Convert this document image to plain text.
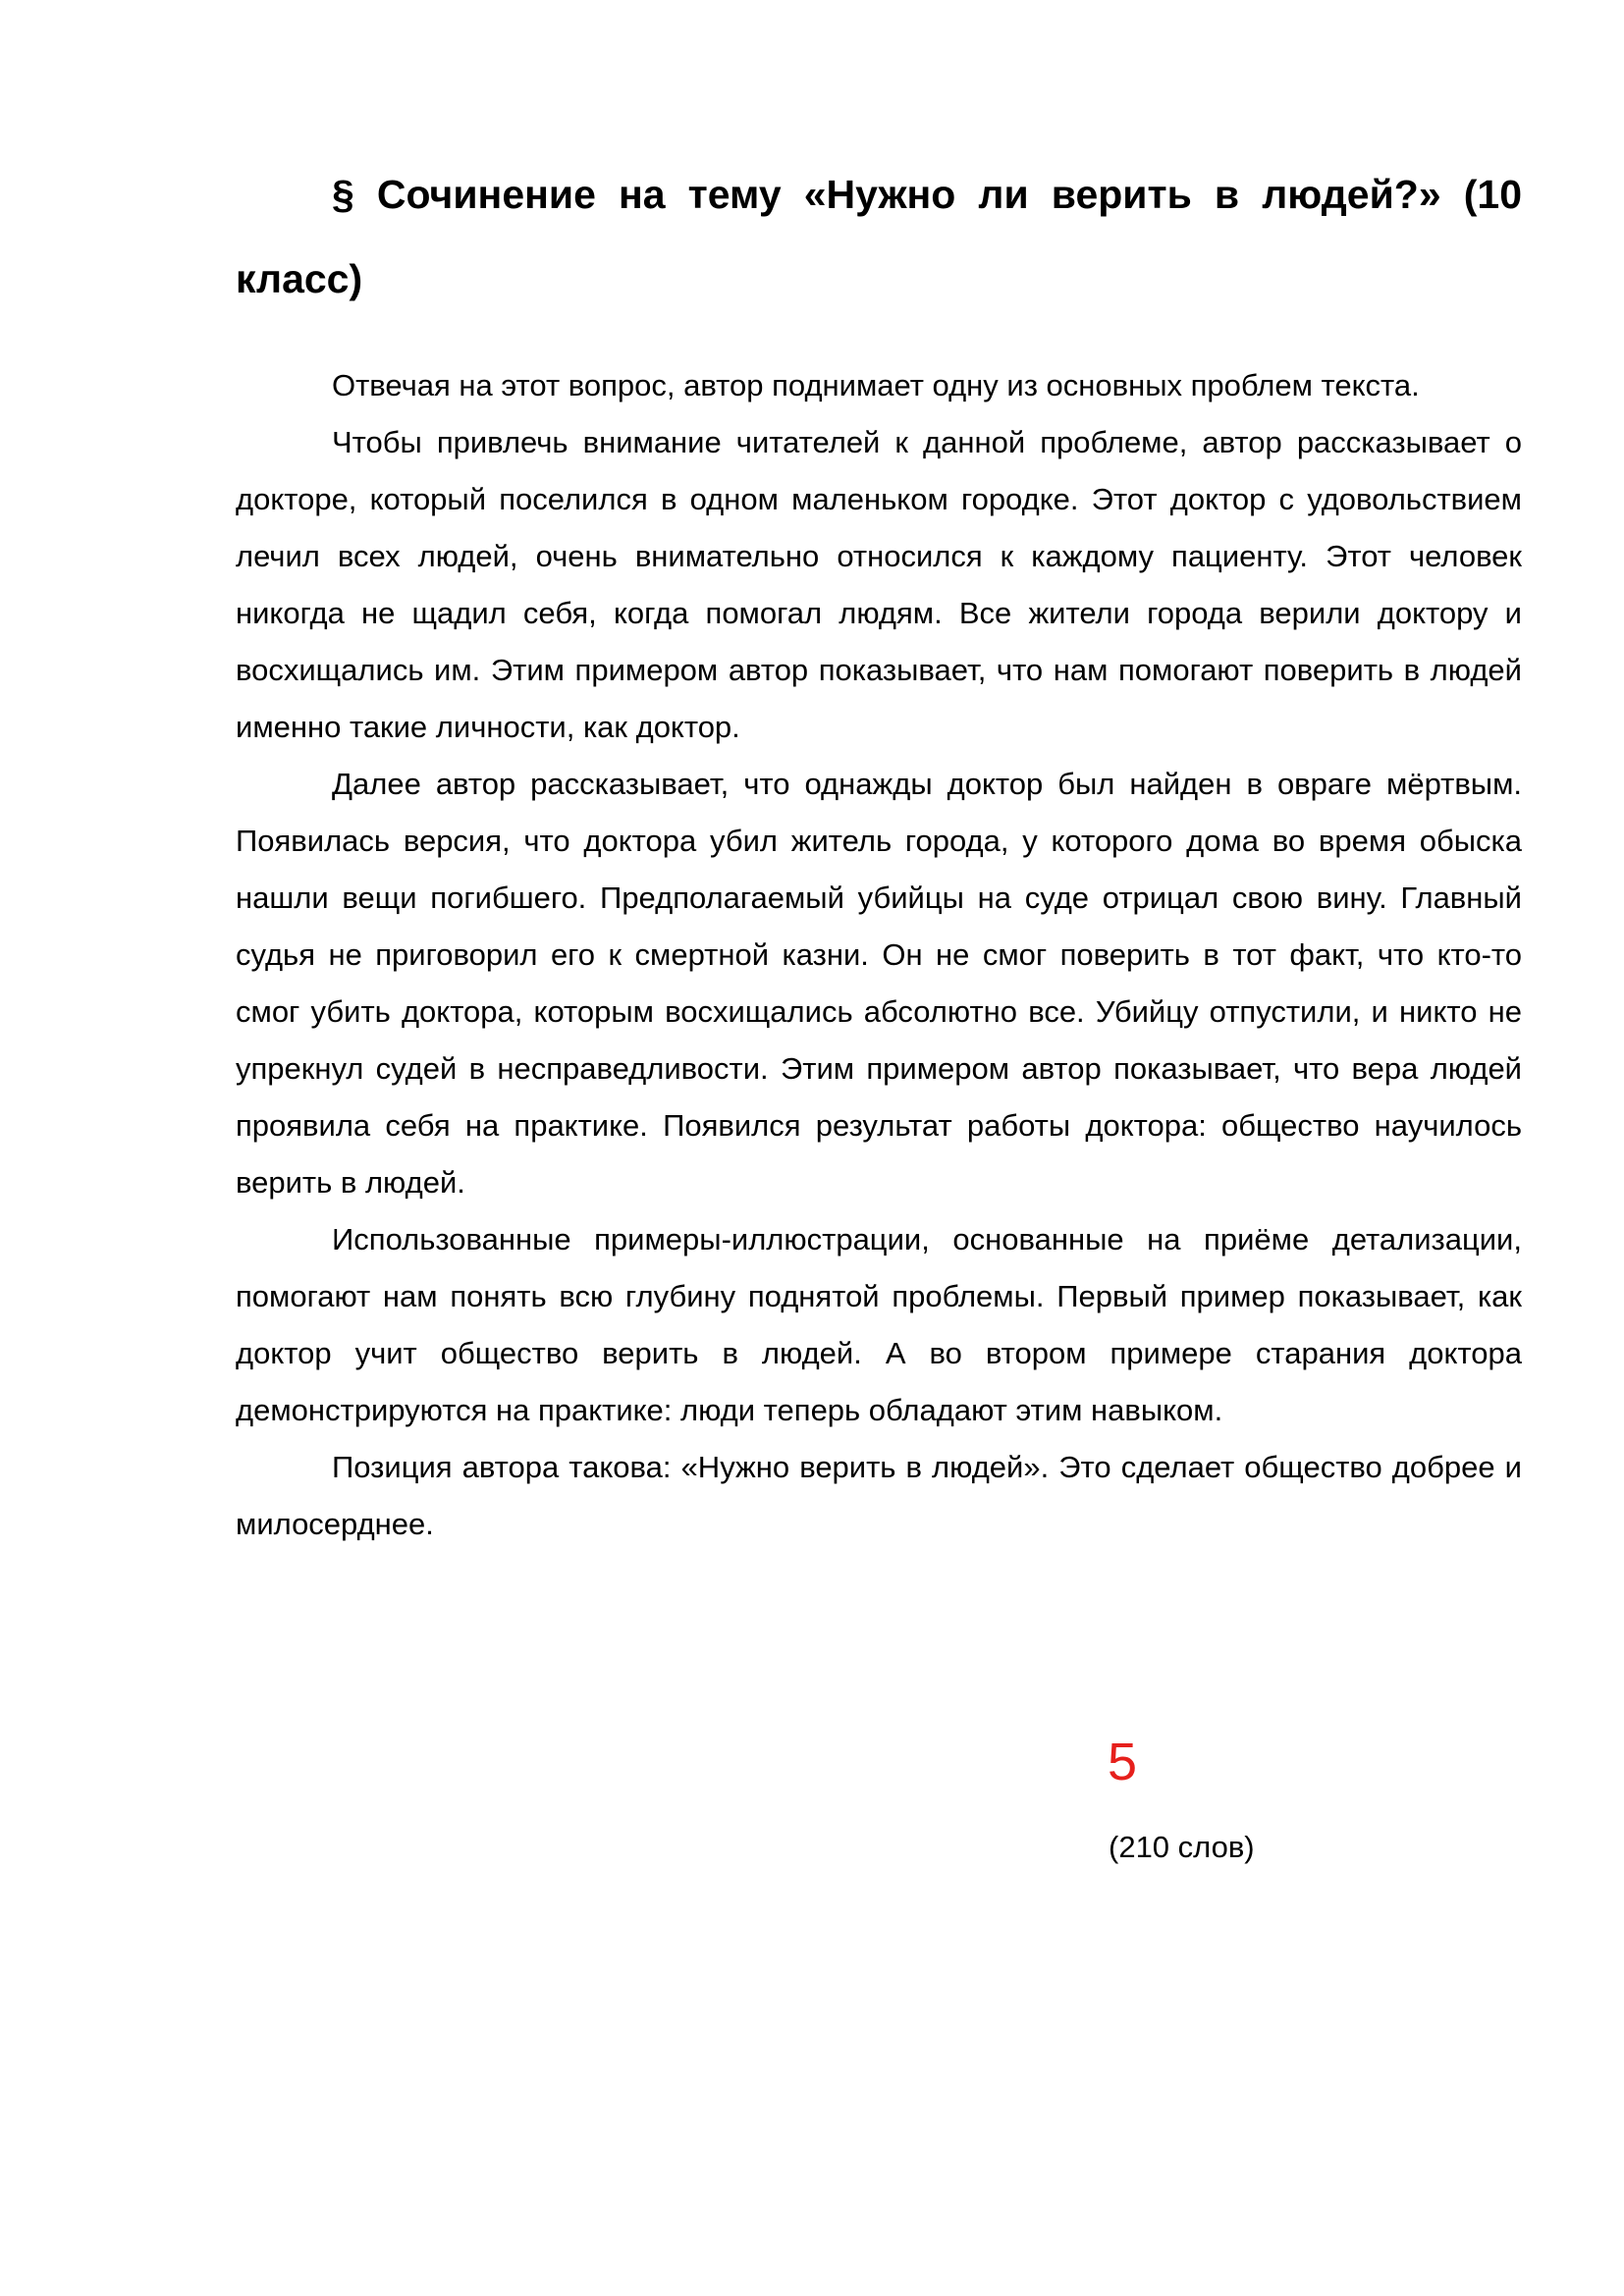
§ Сочинение на тему «Нужно ли верить в людей?» (10 класс)

Отвечая на этот вопрос, автор поднимает одну из основных проблем текста.

Чтобы привлечь внимание читателей к данной проблеме, автор рассказывает о докторе, который поселился в одном маленьком городке. Этот доктор с удовольствием лечил всех людей, очень внимательно относился к каждому пациенту. Этот человек никогда не щадил себя, когда помогал людям. Все жители города верили доктору и восхищались им. Этим примером автор показывает, что нам помогают поверить в людей именно такие личности, как доктор.

Далее автор рассказывает, что однажды доктор был найден в овраге мёртвым. Появилась версия, что доктора убил житель города, у которого дома во время обыска нашли вещи погибшего. Предполагаемый убийцы на суде отрицал свою вину. Главный судья не приговорил его к смертной казни. Он не смог поверить в тот факт, что кто-то смог убить доктора, которым восхищались абсолютно все. Убийцу отпустили, и никто не упрекнул судей в несправедливости. Этим примером автор показывает, что вера людей проявила себя на практике. Появился результат работы доктора: общество научилось верить в людей.

Использованные примеры-иллюстрации, основанные на приёме детализации, помогают нам понять всю глубину поднятой проблемы. Первый пример показывает, как доктор учит общество верить в людей. А во втором примере старания доктора демонстрируются на практике: люди теперь обладают этим навыком.

Позиция автора такова: «Нужно верить в людей». Это сделает общество добрее и милосерднее.

5
(210 слов)
